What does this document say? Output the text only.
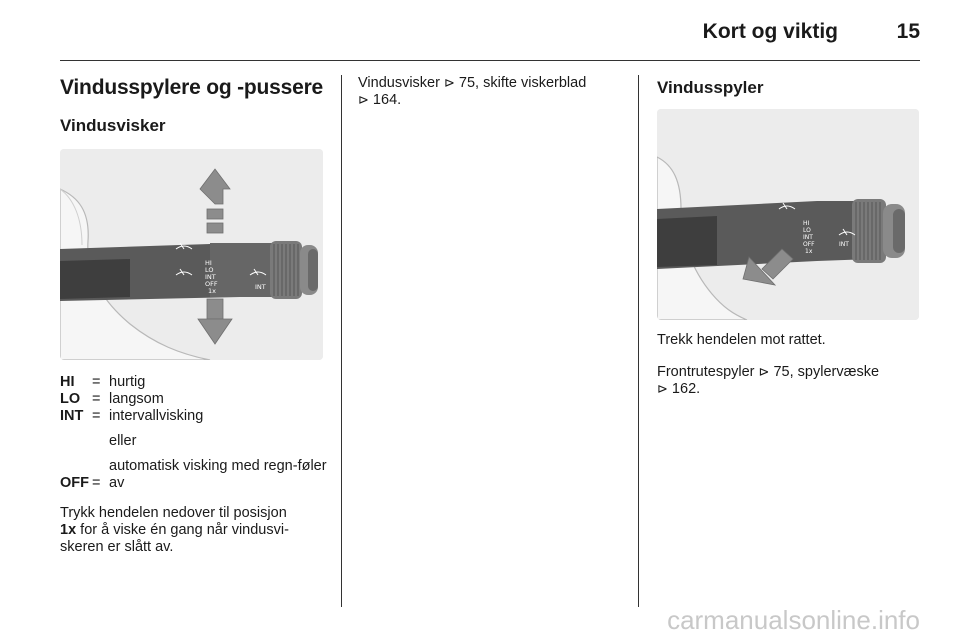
Kort og viktig	15
Vindusspylere og -pussere
Vindusvisker
HI
LO
INT
OFF
1x	INT
HI	= hurtig
LO = langsom
INT = intervallvisking
eller
automatisk visking med regn-føler
OFF = av

Trykk hendelen nedover til posisjon
1x for å viske én gang når vindusvi-skeren er slått av.

Vindusvisker ⊳ 75, skifte viskerblad
⊳ 164.

Vindusspyler
HI
LO
INT
OFF
1x
INT

Trekk hendelen mot rattet.

Frontrutespyler ⊳ 75, spylervæske
⊳ 162.

carmanualsonline.info
